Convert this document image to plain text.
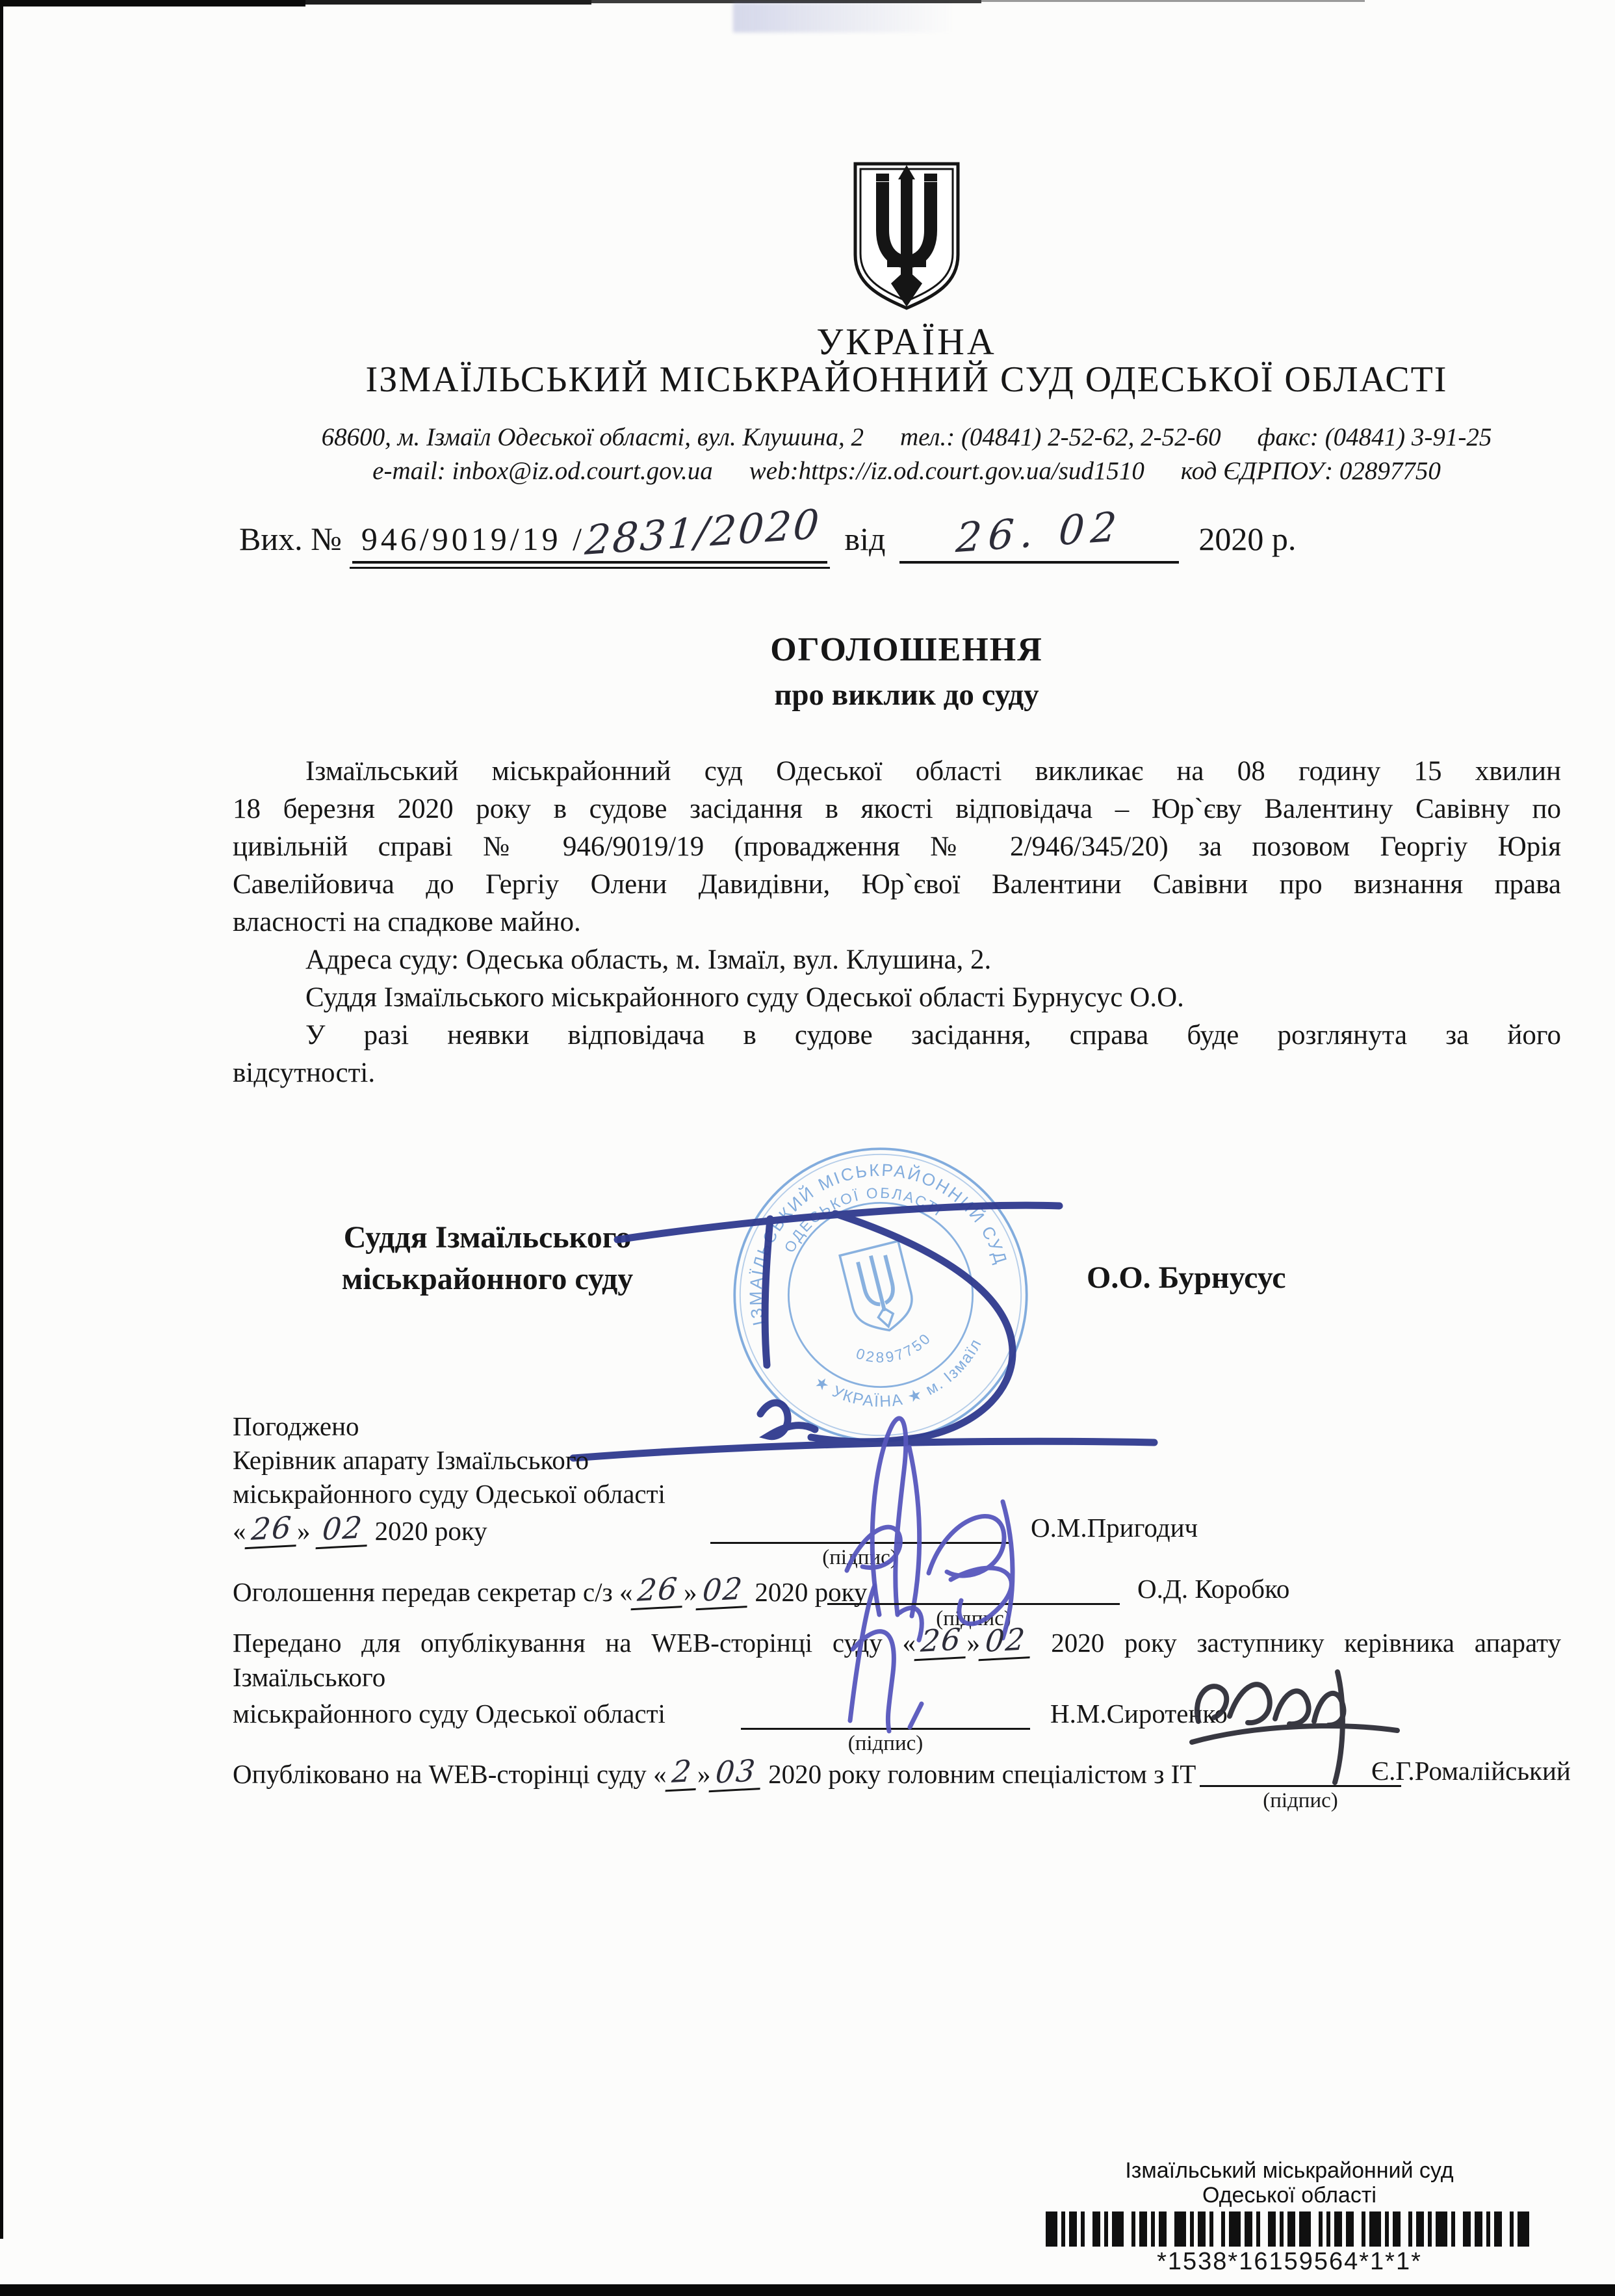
УКРАЇНА
ІЗМАЇЛЬСЬКИЙ МІСЬКРАЙОННИЙ СУД ОДЕСЬКОЇ ОБЛАСТІ
68600, м. Ізмаїл Одеської області, вул. Клушина, 2 тел.: (04841) 2-52-62, 2-52-60 факс: (04841) 3-91-25
e-mail: inbox@iz.od.court.gov.ua web:https://iz.od.court.gov.ua/sud1510 код ЄДРПОУ: 02897750
Вих. № 946/9019/19 /2831/2020 від	26. 02	2020 р.
ОГОЛОШЕННЯ
про виклик до суду
Ізмаїльський міськрайонний суд Одеської області викликає на 08 годину 15 хвилин
18 березня 2020 року в судове засідання в якості відповідача – Юр`єву Валентину Савівну по
цивільній справі № 946/9019/19 (провадження № 2/946/345/20) за позовом Георгіу Юрія
Савелійовича до Гергіу Олени Давидівни, Юр`євої Валентини Савівни про визнання права
власності на спадкове майно.
Адреса суду: Одеська область, м. Ізмаїл, вул. Клушина, 2.
Суддя Ізмаїльського міськрайонного суду Одеської області Бурнусус О.О.
У разі неявки відповідача в судове засідання, справа буде розглянута за його
відсутності.
Суддя Ізмаїльського
міськрайонного суду	О.О. Бурнусус
ІЗМАЇЛЬСЬКИЙ МІСЬКРАЙОННИЙ СУД
ОДЕСЬКОЇ ОБЛАСТІ
★ УКРАЇНА ★ м. Ізмаїл
02897750
Погоджено
Керівник апарату Ізмаїльського
міськрайонного суду Одеської області
« 26 » 02 2020 року
(підпис)
О.М.Пригодич
Оголошення передав секретар с/з « 26 » 02 2020 року
(підпис)
О.Д. Коробко
Передано для опублікування на WEB-сторінці суду « 26 » 02 2020 року заступнику керівника апарату
Ізмаїльського
міськрайонного суду Одеської області
(підпис)
Н.М.Сиротенко
Опубліковано на WEB-сторінці суду « 2 » 03 2020 року головним спеціалістом з ІТ
(підпис)
Є.Г.Ромалійський
Ізмаїльський міськрайонний суд
Одеської області
*1538*16159564*1*1*
